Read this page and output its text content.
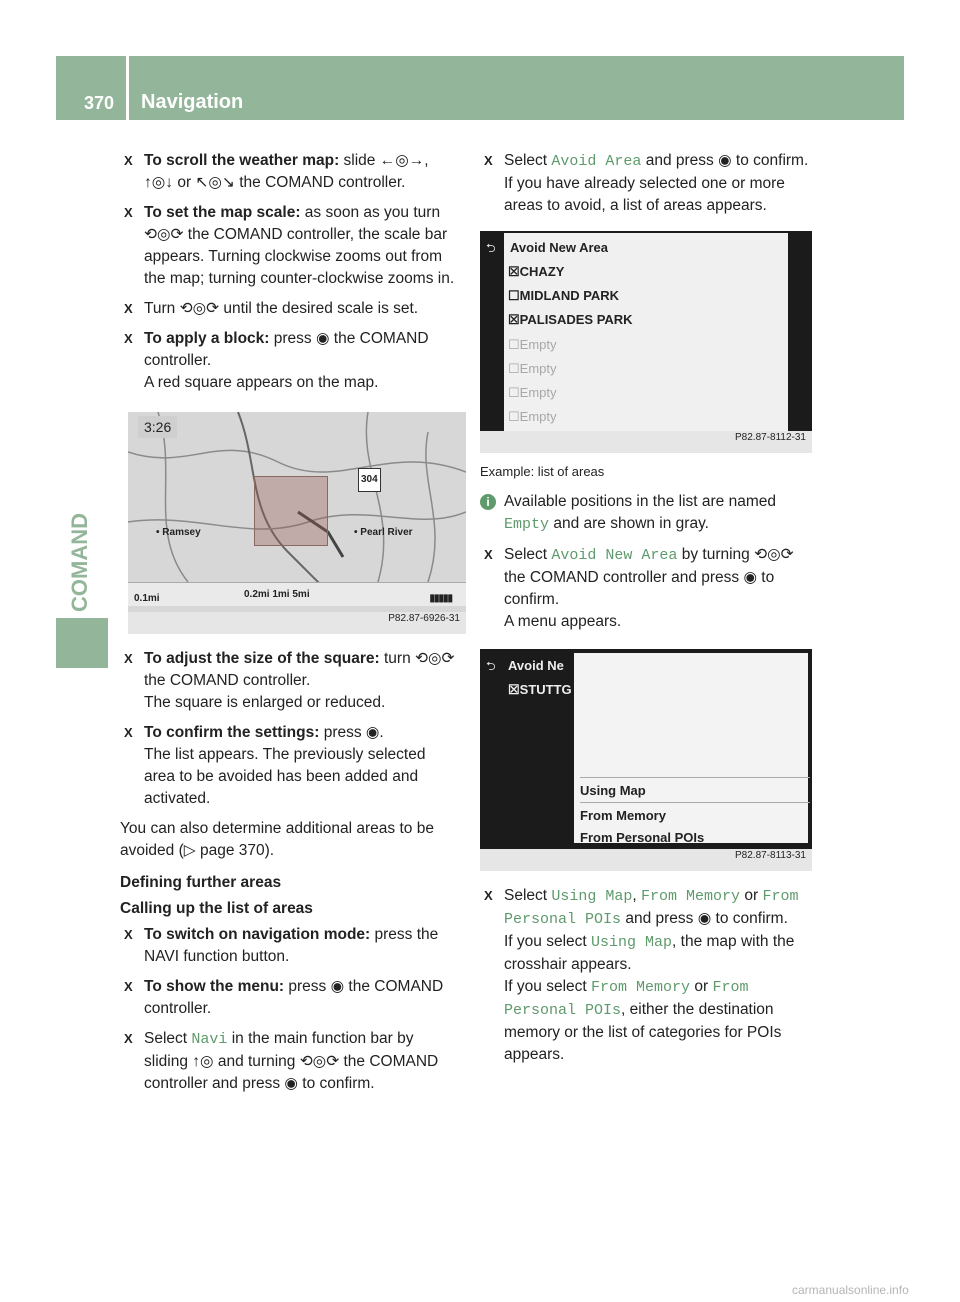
370 Navigation
COMAND
X To scroll the weather map: slide ←◎→, ↑◎↓ or ↖◎↘ the COMAND controller.
X To set the map scale: as soon as you turn ⟲◎⟳ the COMAND controller, the scale bar appears. Turning clockwise zooms out from the map; turning counter-clockwise zooms in.
X Turn ⟲◎⟳ until the desired scale is set.
X To apply a block: press ◉ the COMAND controller.
A red square appears on the map.
3:26
• Ramsey	• Pearl River
304
0.1mi	0.2mi 1mi 5mi	▮▮▮▮▮
P82.87-6926-31
X To adjust the size of the square: turn ⟲◎⟳ the COMAND controller.
The square is enlarged or reduced.
X To confirm the settings: press ◉.
The list appears. The previously selected area to be avoided has been added and activated.
You can also determine additional areas to be avoided (▷ page 370).
Defining further areas
Calling up the list of areas
X To switch on navigation mode: press the NAVI function button.
X To show the menu: press ◉ the COMAND controller.
X Select Navi in the main function bar by sliding ↑◎ and turning ⟲◎⟳ the COMAND controller and press ◉ to confirm.
X Select Avoid Area and press ◉ to confirm.
If you have already selected one or more areas to avoid, a list of areas appears.
⮌ Avoid New Area
☒CHAZY
☐MIDLAND PARK
☒PALISADES PARK
☐Empty
☐Empty
☐Empty
☐Empty
P82.87-8112-31
Example: list of areas
i Available positions in the list are named Empty and are shown in gray.
X Select Avoid New Area by turning ⟲◎⟳ the COMAND controller and press ◉ to confirm.
A menu appears.
⮌ Avoid Ne
☒STUTTG
Using Map
From Memory
From Personal POIs
P82.87-8113-31
X Select Using Map, From Memory or From Personal POIs and press ◉ to confirm.
If you select Using Map, the map with the crosshair appears.
If you select From Memory or From Personal POIs, either the destination memory or the list of categories for POIs appears.
carmanualsonline.info
